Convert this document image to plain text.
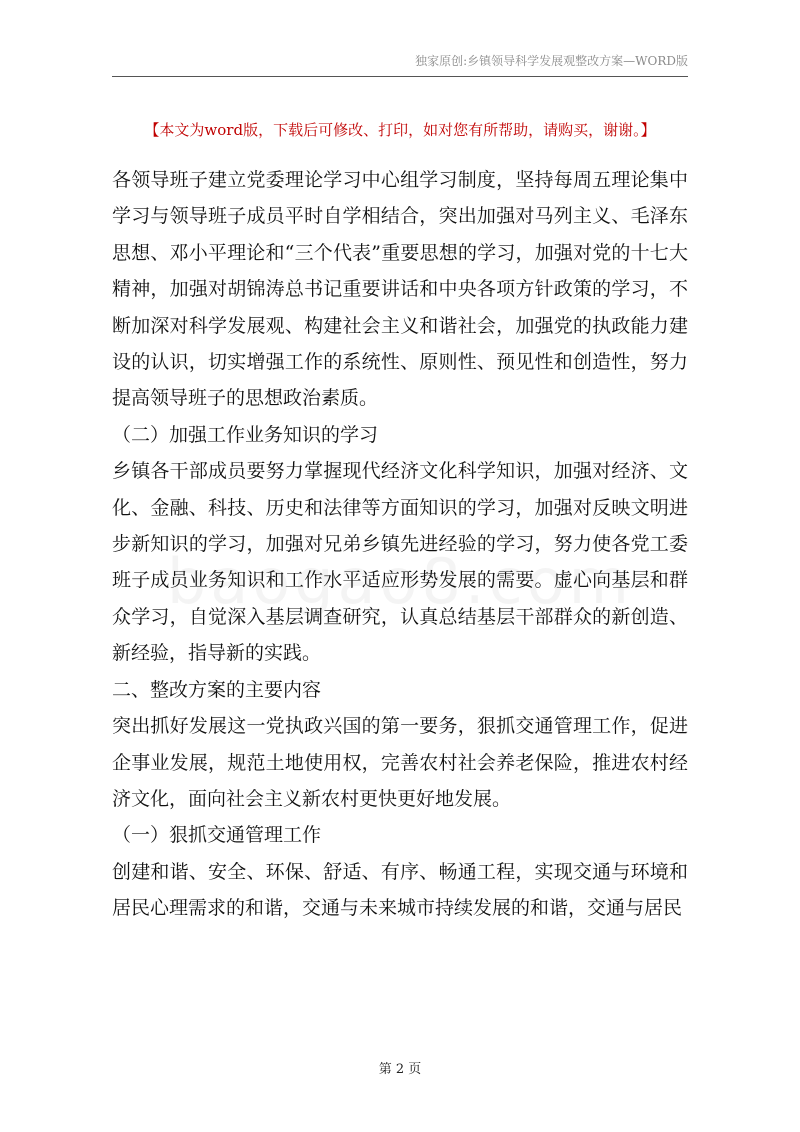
独家原创:乡镇领导科学发展观整改方案—WORD版
【本文为word版，下载后可修改、打印，如对您有所帮助，请购买，谢谢。】

各领导班子建立党委理论学习中心组学习制度，坚持每周五理论集中学习与领导班子成员平时自学相结合，突出加强对马列主义、毛泽东思想、邓小平理论和“三个代表”重要思想的学习，加强对党的十七大精神，加强对胡锦涛总书记重要讲话和中央各项方针政策的学习，不断加深对科学发展观、构建社会主义和谐社会，加强党的执政能力建设的认识，切实增强工作的系统性、原则性、预见性和创造性，努力提高领导班子的思想政治素质。

（二）加强工作业务知识的学习

乡镇各干部成员要努力掌握现代经济文化科学知识，加强对经济、文化、金融、科技、历史和法律等方面知识的学习，加强对反映文明进步新知识的学习，加强对兄弟乡镇先进经验的学习，努力使各党工委班子成员业务知识和工作水平适应形势发展的需要。虚心向基层和群众学习，自觉深入基层调查研究，认真总结基层干部群众的新创造、新经验，指导新的实践。

二、整改方案的主要内容

突出抓好发展这一党执政兴国的第一要务，狠抓交通管理工作，促进企事业发展，规范土地使用权，完善农村社会养老保险，推进农村经济文化，面向社会主义新农村更快更好地发展。

（一）狠抓交通管理工作

创建和谐、安全、环保、舒适、有序、畅通工程，实现交通与环境和居民心理需求的和谐，交通与未来城市持续发展的和谐，交通与居民

第 2 页
